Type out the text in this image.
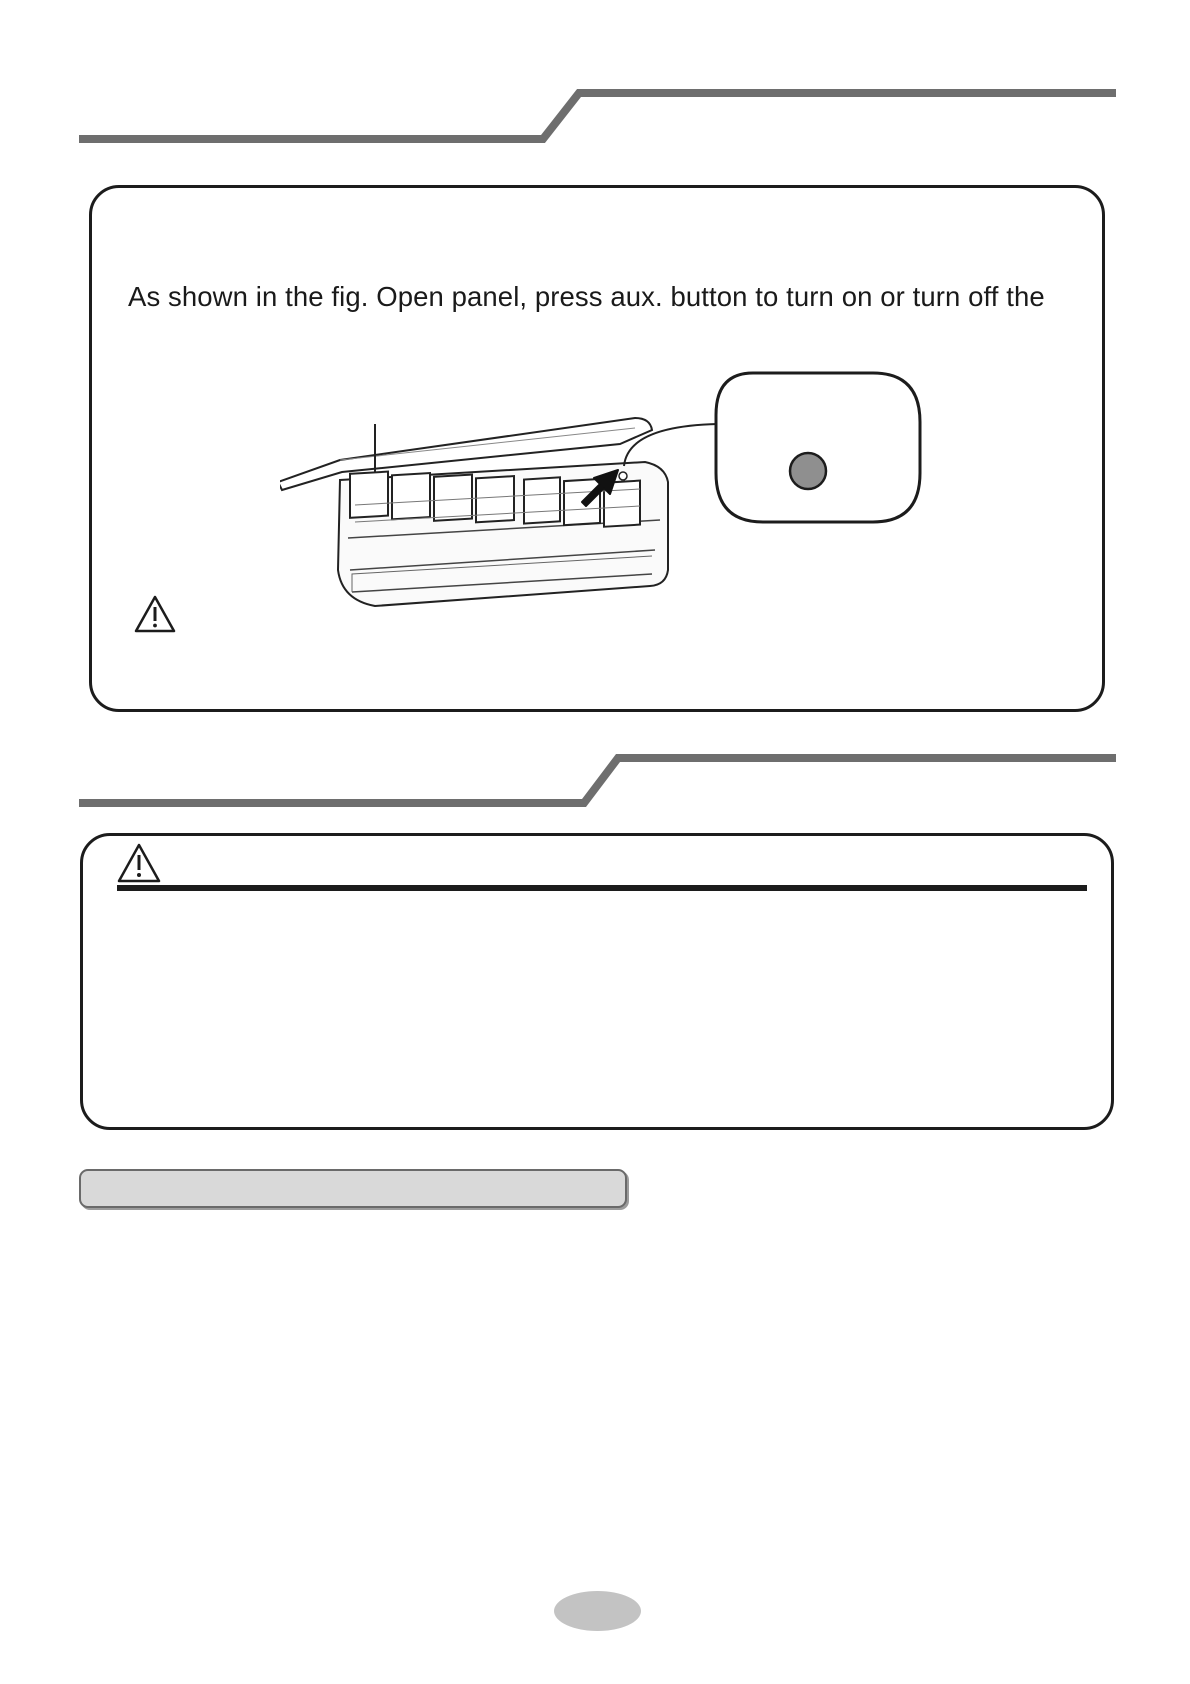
As shown in the fig. Open panel, press aux. button to turn on or turn off the
